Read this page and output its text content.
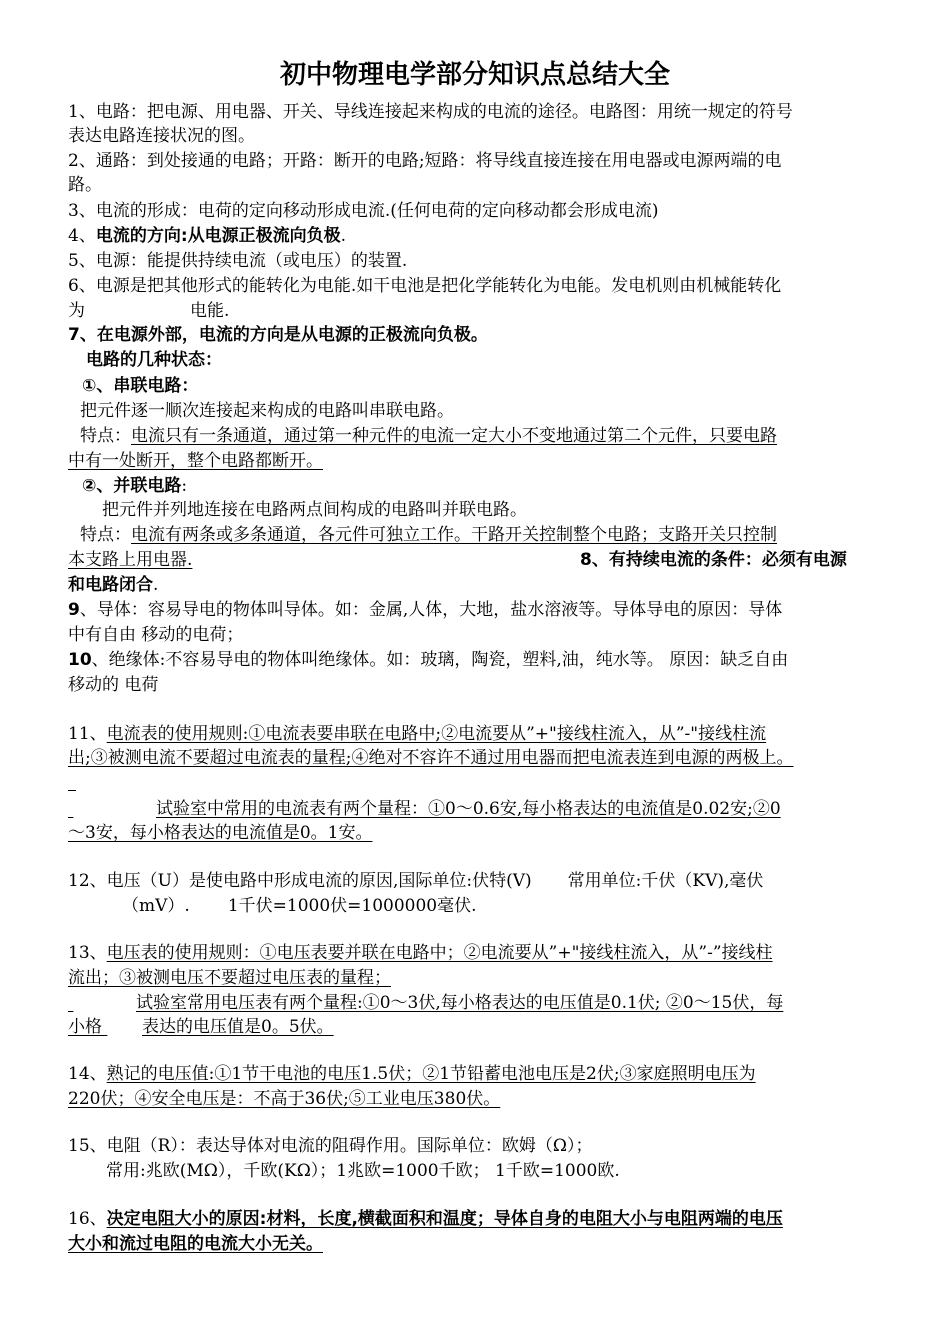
初中物理电学部分知识点总结大全
1、电路：把电源、用电器、开关、导线连接起来构成的电流的途径。电路图：用统一规定的符号
表达电路连接状况的图。
2、通路：到处接通的电路；开路：断开的电路;短路：将导线直接连接在用电器或电源两端的电
路。
3、电流的形成：电荷的定向移动形成电流.(任何电荷的定向移动都会形成电流)
4、电流的方向:从电源正极流向负极.
5、电源：能提供持续电流（或电压）的装置.
6、电源是把其他形式的能转化为电能.如干电池是把化学能转化为电能。发电机则由机械能转化
为	电能.
7、在电源外部，电流的方向是从电源的正极流向负极。
电路的几种状态：
①、串联电路：
把元件逐一顺次连接起来构成的电路叫串联电路。
特点：电流只有一条通道，通过第一种元件的电流一定大小不变地通过第二个元件，只要电路
中有一处断开，整个电路都断开。
②、并联电路:
把元件并列地连接在电路两点间构成的电路叫并联电路。
特点：电流有两条或多条通道，各元件可独立工作。干路开关控制整个电路；支路开关只控制
本支路上用电器.	8、有持续电流的条件：必须有电源
和电路闭合.
9、导体：容易导电的物体叫导体。如：金属,人体，大地，盐水溶液等。导体导电的原因：导体
中有自由 移动的电荷；
10、绝缘体:不容易导电的物体叫绝缘体。如：玻璃，陶瓷，塑料,油，纯水等。 原因：缺乏自由
移动的 电荷
11、电流表的使用规则:①电流表要串联在电路中;②电流要从”+"接线柱流入，从”-"接线柱流
出;③被测电流不要超过电流表的量程;④绝对不容许不通过用电器而把电流表连到电源的两极上。
试验室中常用的电流表有两个量程：①0～0.6安,每小格表达的电流值是0.02安;②0
～3安，每小格表达的电流值是0。1安。
12、电压（U）是使电路中形成电流的原因,国际单位:伏特(V) 常用单位:千伏（KV),毫伏
（mV）. 1千伏=1000伏=1000000毫伏.
13、电压表的使用规则：①电压表要并联在电路中；②电流要从”+"接线柱流入，从”-”接线柱
流出；③被测电压不要超过电压表的量程；
试验室常用电压表有两个量程:①0～3伏,每小格表达的电压值是0.1伏; ②0～15伏，每
小格 表达的电压值是0。5伏。
14、熟记的电压值:①1节干电池的电压1.5伏；②1节铅蓄电池电压是2伏;③家庭照明电压为
220伏；④安全电压是：不高于36伏;⑤工业电压380伏。
15、电阻（R）：表达导体对电流的阻碍作用。国际单位：欧姆（Ω）；
常用:兆欧(MΩ），千欧(KΩ）；1兆欧=1000千欧； 1千欧=1000欧.
16、决定电阻大小的原因:材料，长度,横截面积和温度；导体自身的电阻大小与电阻两端的电压
大小和流过电阻的电流大小无关。
